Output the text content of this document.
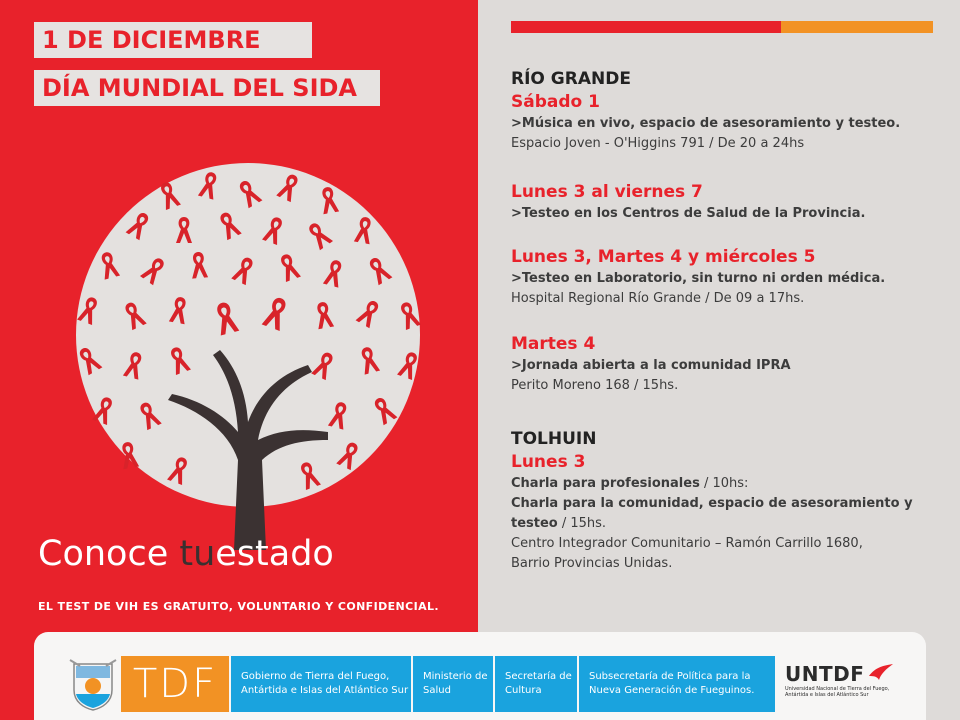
1 DE DICIEMBRE
DÍA MUNDIAL DEL SIDA
Conoce tuestado
EL TEST DE VIH ES GRATUITO, VOLUNTARIO Y CONFIDENCIAL.
RÍO GRANDE
Sábado 1
>Música en vivo, espacio de asesoramiento y testeo.
Espacio Joven - O'Higgins 791 / De 20 a 24hs
Lunes 3 al viernes 7
>Testeo en los Centros de Salud de la Provincia.
Lunes 3, Martes 4 y miércoles 5
>Testeo en Laboratorio, sin turno ni orden médica.
Hospital Regional Río Grande / De 09 a 17hs.
Martes 4
>Jornada abierta a la comunidad IPRA
Perito Moreno 168 / 15hs.
TOLHUIN
Lunes 3
Charla para profesionales / 10hs:
Charla para la comunidad, espacio de asesoramiento y testeo / 15hs.
Centro Integrador Comunitario – Ramón Carrillo 1680,
Barrio Provincias Unidas.
TDF	Gobierno de Tierra del Fuego, Antártida e Islas del Atlántico Sur
Ministerio de Salud
Secretaría de Cultura
Subsecretaría de Política para la Nueva Generación de Fueguinos.
UNTDF
Universidad Nacional de Tierra del Fuego, Antártida e Islas del Atlántico Sur
